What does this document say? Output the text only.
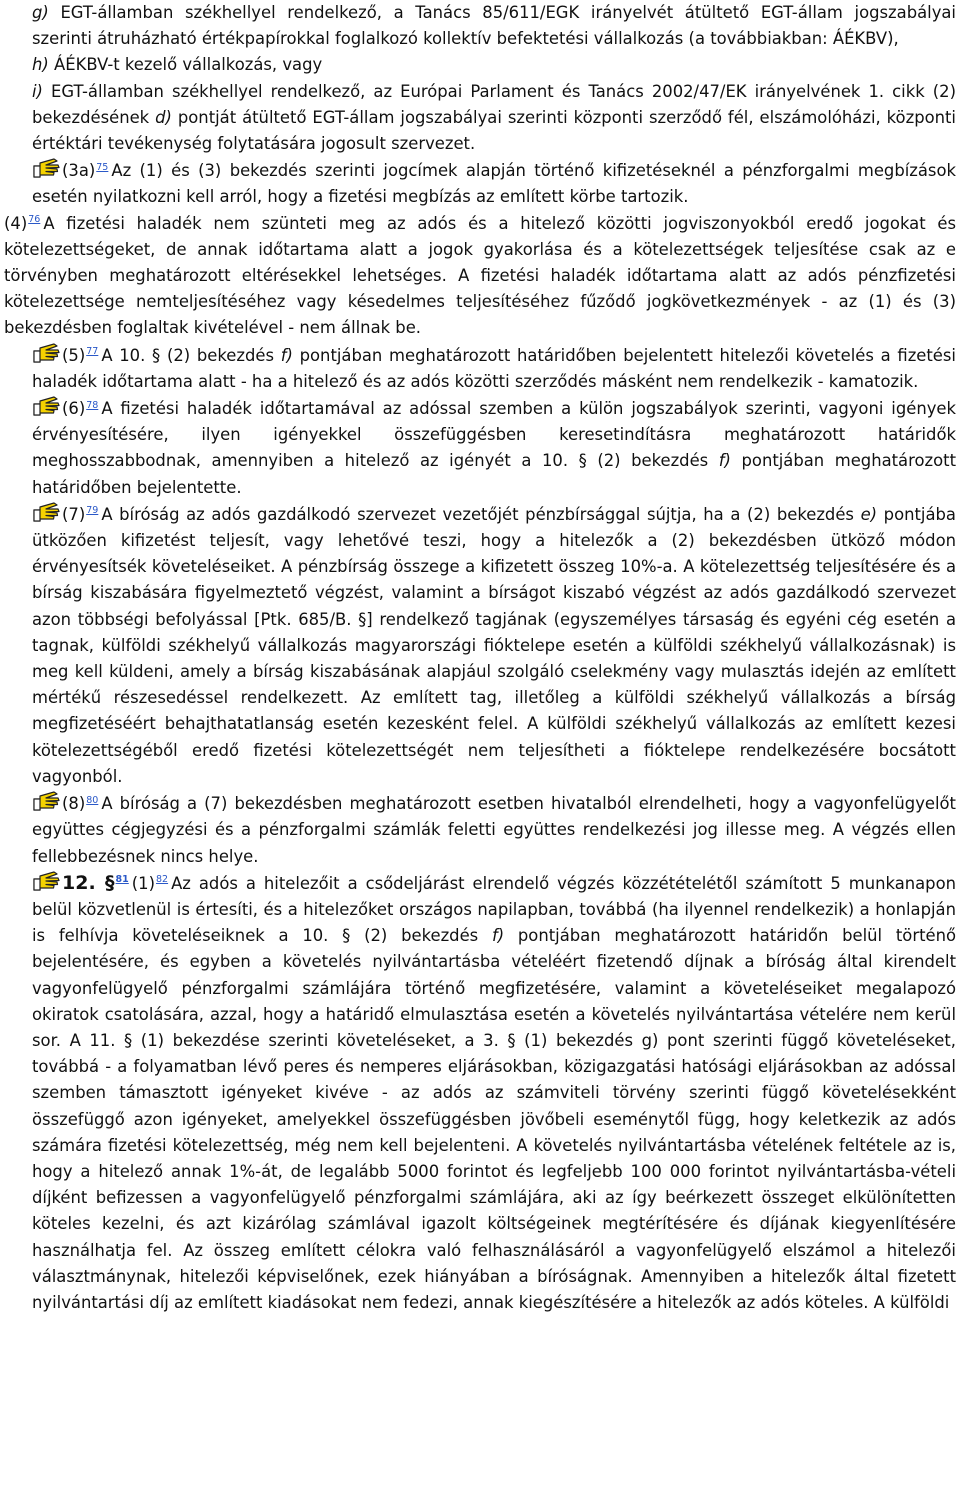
g) EGT-államban székhellyel rendelkező, a Tanács 85/611/EGK irányelvét átültető EGT-állam jogszabályai szerinti átruházható értékpapírokkal foglalkozó kollektív befektetési vállalkozás (a továbbiakban: ÁÉKBV),

h) ÁÉKBV-t kezelő vállalkozás, vagy

i) EGT-államban székhellyel rendelkező, az Európai Parlament és Tanács 2002/47/EK irányelvének 1. cikk (2) bekezdésének d) pontját átültető EGT-állam jogszabályai szerinti központi szerződő fél, elszámolóházi, központi értéktári tevékenység folytatására jogosult szervezet.

(3a)$^{75}$ Az (1) és (3) bekezdés szerinti jogcímek alapján történő kifizetéseknél a pénzforgalmi megbízások esetén nyilatkozni kell arról, hogy a fizetési megbízás az említett körbe tartozik.

(4)$^{76}$ A fizetési haladék nem szünteti meg az adós és a hitelező közötti jogviszonyokból eredő jogokat és kötelezettségeket, de annak időtartama alatt a jogok gyakorlása és a kötelezettségek teljesítése csak az e törvényben meghatározott eltérésekkel lehetséges. A fizetési haladék időtartama alatt az adós pénzfizetési kötelezettsége nemteljesítéséhez vagy késedelmes teljesítéséhez fűződő jogkövetkezmények - az (1) és (3) bekezdésben foglaltak kivételével - nem állnak be.

(5)$^{77}$ A 10. § (2) bekezdés f) pontjában meghatározott határidőben bejelentett hitelezői követelés a fizetési haladék időtartama alatt - ha a hitelező és az adós közötti szerződés másként nem rendelkezik - kamatozik.

(6)$^{78}$ A fizetési haladék időtartamával az adóssal szemben a külön jogszabályok szerinti, vagyoni igények érvényesítésére, ilyen igényekkel összefüggésben keresetindításra meghatározott határidők meghosszabbodnak, amennyiben a hitelező az igényét a 10. § (2) bekezdés f) pontjában meghatározott határidőben bejelentette.

(7)$^{79}$ A bíróság az adós gazdálkodó szervezet vezetőjét pénzbírsággal sújtja, ha a (2) bekezdés e) pontjába ütközően kifizetést teljesít, vagy lehetővé teszi, hogy a hitelezők a (2) bekezdésben ütköző módon érvényesítsék követeléseiket. A pénzbírság összege a kifizetett összeg 10%-a. A kötelezettség teljesítésére és a bírság kiszabására figyelmeztető végzést, valamint a bírságot kiszabó végzést az adós gazdálkodó szervezet azon többségi befolyással [Ptk. 685/B. §] rendelkező tagjának (egyszemélyes társaság és egyéni cég esetén a tagnak, külföldi székhelyű vállalkozás magyarországi fióktelepe esetén a külföldi székhelyű vállalkozásnak) is meg kell küldeni, amely a bírság kiszabásának alapjául szolgáló cselekmény vagy mulasztás idején az említett mértékű részesedéssel rendelkezett. Az említett tag, illetőleg a külföldi székhelyű vállalkozás a bírság megfizetéséért behajthatatlanság esetén kezesként felel. A külföldi székhelyű vállalkozás az említett kezesi kötelezettségéből eredő fizetési kötelezettségét nem teljesítheti a fióktelepe rendelkezésére bocsátott vagyonból.

(8)$^{80}$ A bíróság a (7) bekezdésben meghatározott esetben hivatalból elrendelheti, hogy a vagyonfelügyelőt együttes cégjegyzési és a pénzforgalmi számlák feletti együttes rendelkezési jog illesse meg. A végzés ellen fellebbezésnek nincs helye.

12. §$^{81}$ (1)$^{82}$ Az adós a hitelezőit a csődeljárást elrendelő végzés közzétételétől számított 5 munkanapon belül közvetlenül is értesíti, és a hitelezőket országos napilapban, továbbá (ha ilyennel rendelkezik) a honlapján is felhívja követeléseiknek a 10. § (2) bekezdés f) pontjában meghatározott határidőn belül történő bejelentésére, és egyben a követelés nyilvántartásba vételéért fizetendő díjnak a bíróság által kirendelt vagyonfelügyelő pénzforgalmi számlájára történő megfizetésére, valamint a követeléseiket megalapozó okiratok csatolására, azzal, hogy a határidő elmulasztása esetén a követelés nyilvántartása vételére nem kerül sor. A 11. § (1) bekezdése szerinti követeléseket, a 3. § (1) bekezdés g) pont szerinti függő követeléseket, továbbá - a folyamatban lévő peres és nemperes eljárásokban, közigazgatási hatósági eljárásokban az adóssal szemben támasztott igényeket kivéve - az adós az számviteli törvény szerinti függő követelésekként összefüggő azon igényeket, amelyekkel összefüggésben jövőbeli eseménytől függ, hogy keletkezik az adós számára fizetési kötelezettség, még nem kell bejelenteni. A követelés nyilvántartásba vételének feltétele az is, hogy a hitelező annak 1%-át, de legalább 5000 forintot és legfeljebb 100 000 forintot nyilvántartásba-vételi díjként befizessen a vagyonfelügyelő pénzforgalmi számlájára, aki az így beérkezett összeget elkülönítetten köteles kezelni, és azt kizárólag számlával igazolt költségeinek megtérítésére és díjának kiegyenlítésére használhatja fel. Az összeg említett célokra való felhasználásáról a vagyonfelügyelő elszámol a hitelezői választmánynak, hitelezői képviselőnek, ezek hiányában a bíróságnak. Amennyiben a hitelezők által fizetett nyilvántartási díj az említett kiadásokat nem fedezi, annak kiegészítésére a hitelezők az adós köteles. A külföldi
